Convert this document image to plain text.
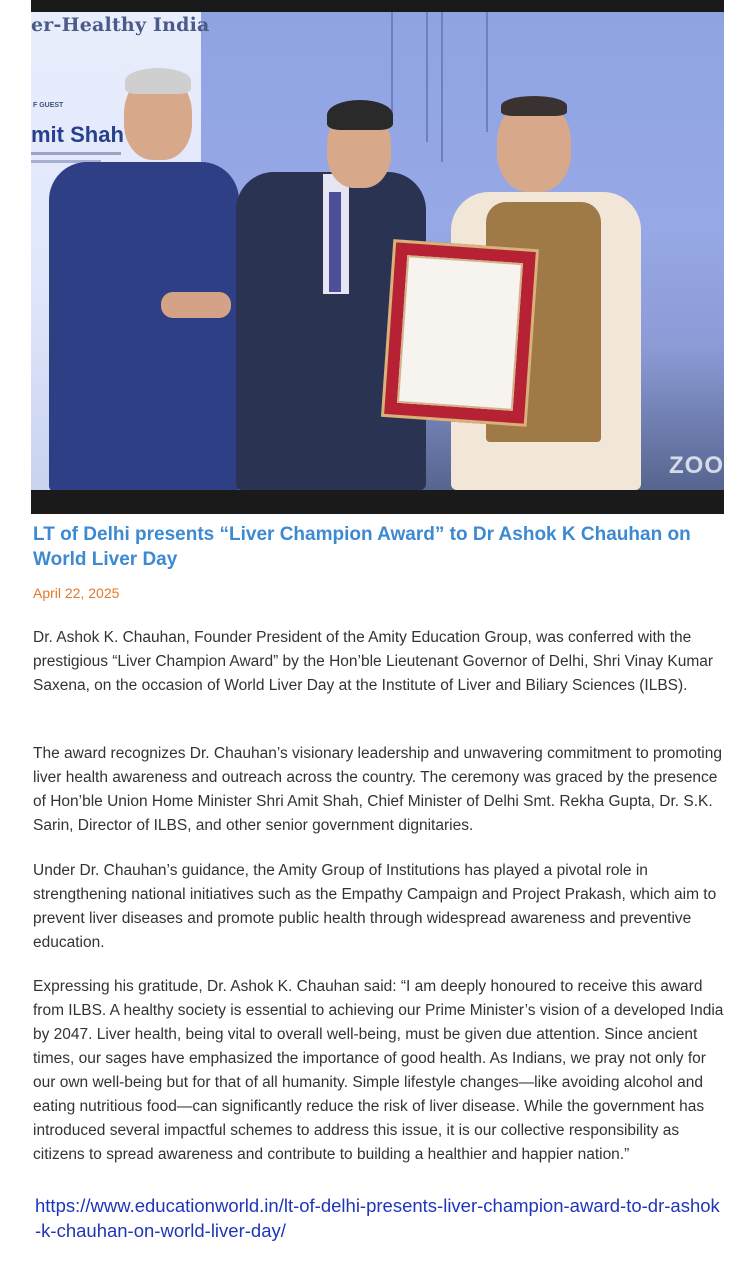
er-Healthy India
F GUEST
mit Shah
ZOO
LT of Delhi presents “Liver Champion Award” to Dr Ashok K Chauhan on World Liver Day
April 22, 2025

Dr. Ashok K. Chauhan, Founder President of the Amity Education Group, was conferred with the prestigious “Liver Champion Award” by the Hon’ble Lieutenant Governor of Delhi, Shri Vinay Kumar Saxena, on the occasion of World Liver Day at the Institute of Liver and Biliary Sciences (ILBS).

The award recognizes Dr. Chauhan’s visionary leadership and unwavering commitment to promoting liver health awareness and outreach across the country. The ceremony was graced by the presence of Hon’ble Union Home Minister Shri Amit Shah, Chief Minister of Delhi Smt. Rekha Gupta, Dr. S.K. Sarin, Director of ILBS, and other senior government dignitaries.

Under Dr. Chauhan’s guidance, the Amity Group of Institutions has played a pivotal role in strengthening national initiatives such as the Empathy Campaign and Project Prakash, which aim to prevent liver diseases and promote public health through widespread awareness and preventive education.

Expressing his gratitude, Dr. Ashok K. Chauhan said: “I am deeply honoured to receive this award from ILBS. A healthy society is essential to achieving our Prime Minister’s vision of a developed India by 2047. Liver health, being vital to overall well-being, must be given due attention. Since ancient times, our sages have emphasized the importance of good health. As Indians, we pray not only for our own well-being but for that of all humanity. Simple lifestyle changes—like avoiding alcohol and eating nutritious food—can significantly reduce the risk of liver disease. While the government has introduced several impactful schemes to address this issue, it is our collective responsibility as citizens to spread awareness and contribute to building a healthier and happier nation.”

https://www.educationworld.in/lt-of-delhi-presents-liver-champion-award-to-dr-ashok-k-chauhan-on-world-liver-day/
